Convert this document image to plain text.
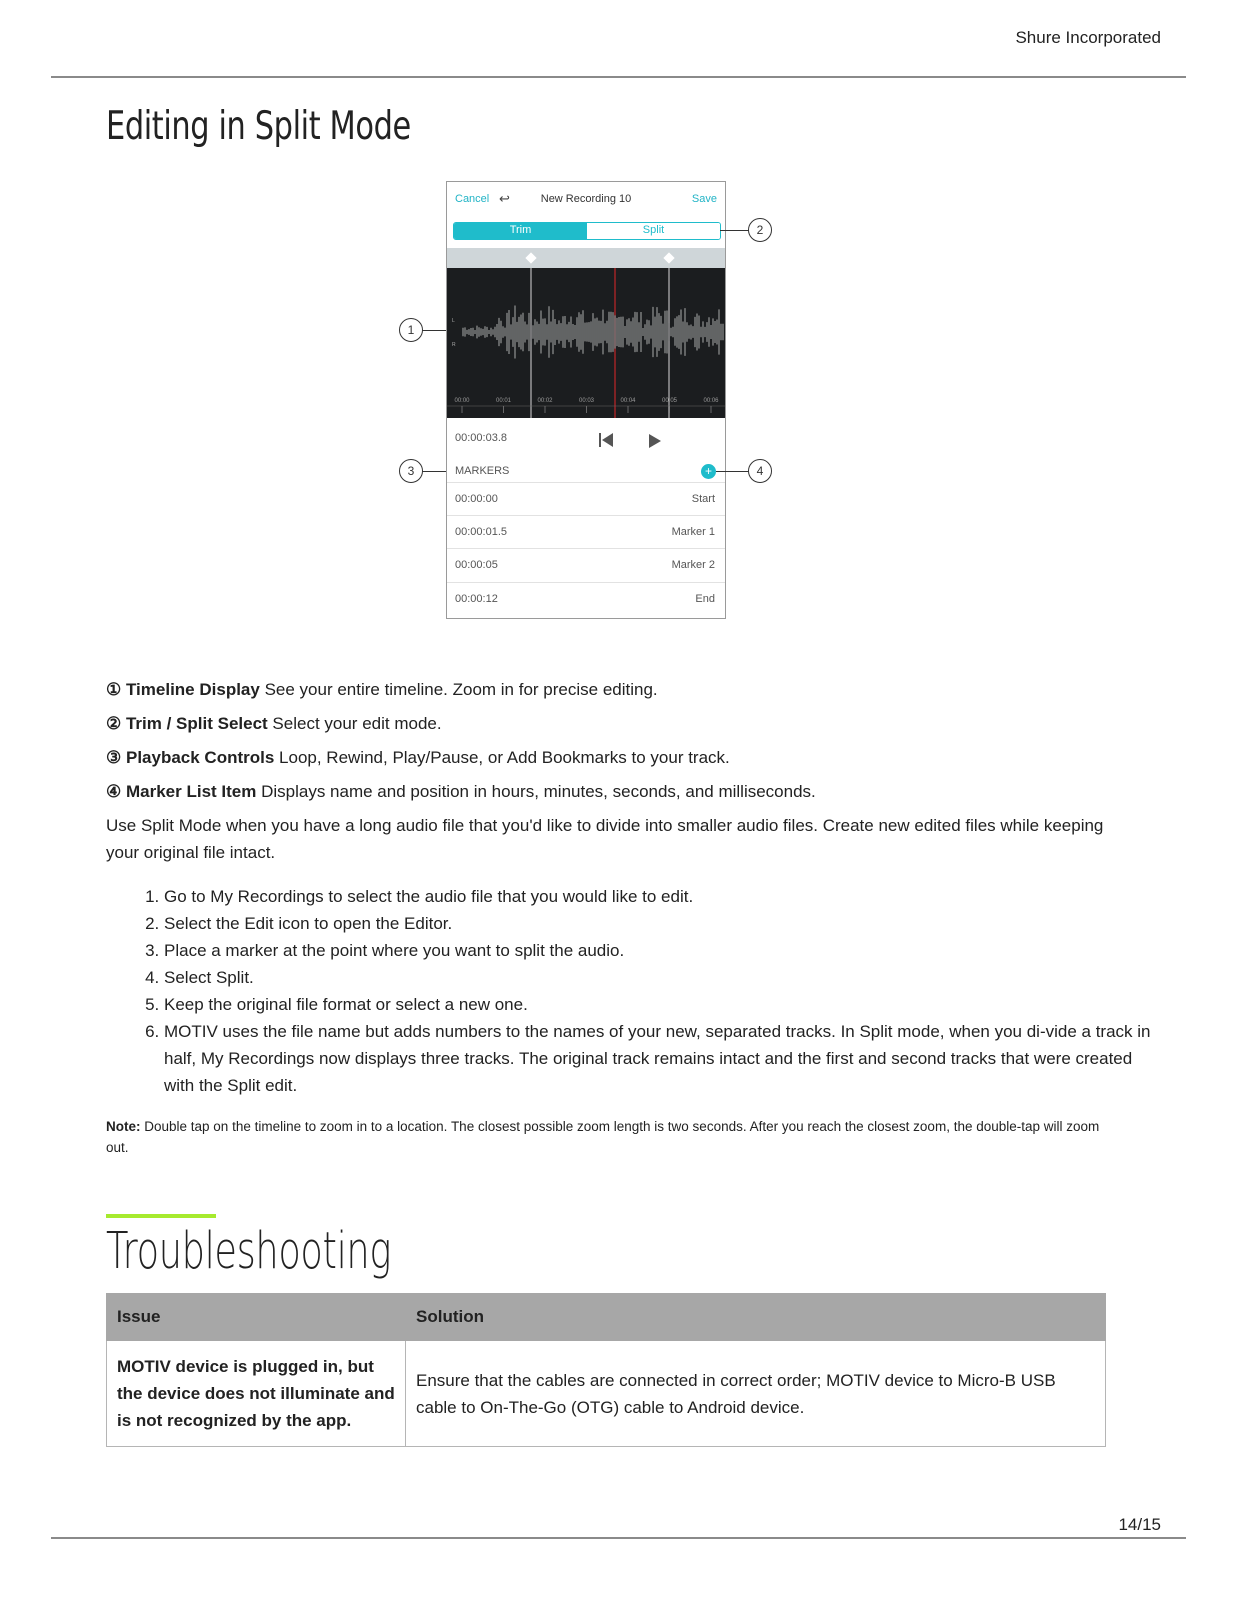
Shure Incorporated
Editing in Split Mode
Cancel ↩	New Recording 10	Save
Trim	Split
L
R
00:00	00:01	00:02	00:03	00:04	00:05	00:06
00:00:03.8
MARKERS	+
00:00:00	Start
00:00:01.5	Marker 1
00:00:05	Marker 2
00:00:12	End
1
2
3	4
① Timeline Display See your entire timeline. Zoom in for precise editing.
② Trim / Split Select Select your edit mode.
③ Playback Controls Loop, Rewind, Play/Pause, or Add Bookmarks to your track.
④ Marker List Item Displays name and position in hours, minutes, seconds, and milliseconds.
Use Split Mode when you have a long audio file that you'd like to divide into smaller audio files. Create new edited files while keeping your original file intact.
1. Go to My Recordings to select the audio file that you would like to edit.
2. Select the Edit icon to open the Editor.
3. Place a marker at the point where you want to split the audio.
4. Select Split.
5. Keep the original file format or select a new one.
6. MOTIV uses the file name but adds numbers to the names of your new, separated tracks. In Split mode, when you di-vide a track in half, My Recordings now displays three tracks. The original track remains intact and the first and second tracks that were created with the Split edit.
Note: Double tap on the timeline to zoom in to a location. The closest possible zoom length is two seconds. After you reach the closest zoom, the double-tap will zoom out.
Troubleshooting
Issue	Solution
MOTIV device is plugged in, but the device does not illuminate and is not recognized by the app.	Ensure that the cables are connected in correct order; MOTIV device to Micro-B USB cable to On-The-Go (OTG) cable to Android device.
14/15
